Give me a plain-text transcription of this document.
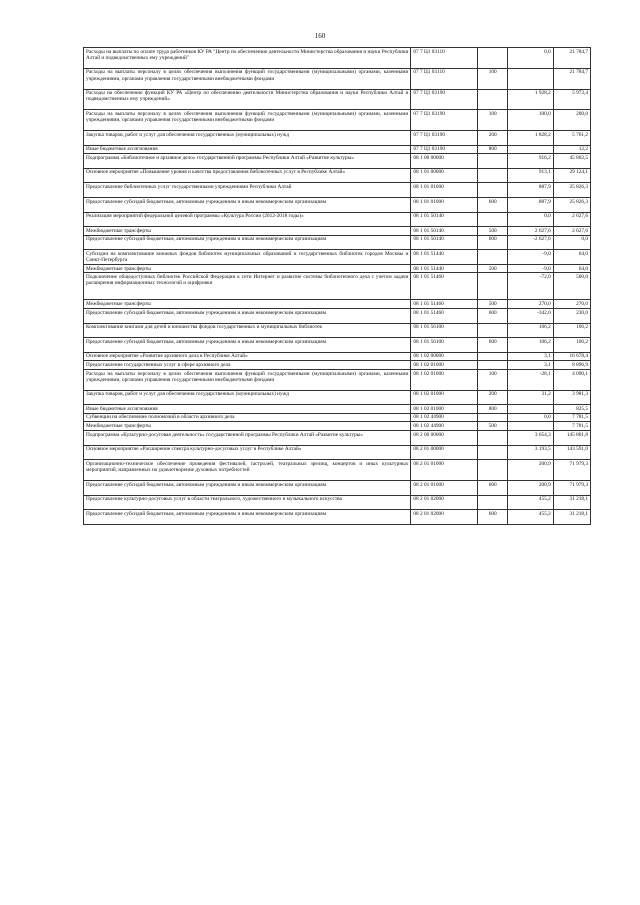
160
Расходы на выплаты по оплате труда работников КУ РА "Центр по обеспечению деятельности Министерства образования и науки Республики Алтай и подведомственных ему учреждений"	07 7 Ц1 03110		0,0	21 784,7
Расходы на выплаты персоналу в целях обеспечения выполнения функций государственными (муниципальными) органами, казенными учреждениями, органами управления государственными внебюджетными фондами	07 7 Ц1 03110	100		21 784,7
Расходы на обеспечение функций КУ РА «Центр по обеспечению деятельности Министерства образования и науки Республики Алтай и подведомственных ему учреждений»	07 7 Ц1 03190		1 928,2	5 973,4
Расходы на выплаты персоналу в целях обеспечения выполнения функций государственными (муниципальными) органами, казенными учреждениями, органами управления государственными внебюджетными фондами	07 7 Ц1 03190	100	100,0	200,0
Закупка товаров, работ и услуг для обеспечения государственных (муниципальных) нужд	07 7 Ц1 03190	200	1 828,2	5 761,2
Иные бюджетные ассигнования	07 7 Ц1 03190	800		12,2
Подпрограмма «Библиотечное и архивное дело» государственной программы Республики Алтай «Развитие культуры»	08 1 00 00000		916,2	45 802,5
Основное мероприятие «Повышение уровня и качества предоставления библиотечных услуг в Республике Алтай»	08 1 01 00000		913,1	29 124,1
Предоставление библиотечных услуг государственными учреждениями Республики Алтай	08 1 01 01000		887,9	25 826,3
Предоставление субсидий бюджетным, автономным учреждениям и иным некоммерческим организациям	08 1 01 01000	600	887,9	25 826,3
Реализация мероприятий федеральной целевой программы «Культура России (2012-2018 годы)»	08 1 01 50140		0,0	2 627,6
Межбюджетные трансферты	08 1 01 50140	500	2 627,6	2 627,6
Предоставление субсидий бюджетным, автономным учреждениям и иным некоммерческим организациям	08 1 01 50140	600	-2 627,6	0,0
Субсидии на комплектование книжных фондов библиотек муниципальных образований и государственных библиотек городов Москвы и Санкт-Петербурга	08 1 01 51440		-9,0	64,0
Межбюджетные трансферты	08 1 01 51440	500	-9,0	64,0
Подключение общедоступных библиотек Российской Федерации к сети Интернет и развитие системы библиотечного дела с учетом задачи расширения информационных технологий и оцифровки	08 1 01 51460		-72,0	500,0
Межбюджетные трансферты	08 1 01 51460	500	270,0	270,0
Предоставление субсидий бюджетным, автономным учреждениям и иным некоммерческим организациям	08 1 01 51460	600	-342,0	230,0
Комплектование книгами для детей и юношества фондов государственных и муниципальных библиотек	08 1 01 56100		106,2	106,2
Предоставление субсидий бюджетным, автономным учреждениям и иным некоммерческим организациям	08 1 01 56100	600	106,2	106,2
Основное мероприятие «Развитие архивного дела в Республике Алтай»	08 1 02 00000		3,1	16 678,4
Предоставление государственных услуг в сфере архивного дела	08 1 02 01000		3,1	8 896,9
Расходы на выплаты персоналу в целях обеспечения выполнения функций государственными (муниципальными) органами, казенными учреждениями, органами управления государственными внебюджетными фондами	08 1 02 01000	100	-28,1	4 090,1
Закупка товаров, работ и услуг для обеспечения государственных (муниципальных) нужд	08 1 02 01000	200	31,2	3 981,3
Иные бюджетные ассигнования	08 1 02 01000	800		825,5
Субвенции на обеспечение полномочий в области архивного дела	08 1 02 44900		0,0	7 781,5
Межбюджетные трансферты	08 1 02 44900	500		7 781,5
Подпрограмма «Культурно-досуговая деятельность» государственной программы Республики Алтай «Развитие культуры»	08 2 00 00000		3 654,3	145 801,8
Основное мероприятие «Расширение спектра культурно-досуговых услуг в Республике Алтай»	08 2 01 00000		3 193,5	143 591,0
Организационно-техническое обеспечение проведения фестивалей, гастролей, театральных зрелищ, концертов и иных культурных мероприятий, направленных на удовлетворение духовных потребностей	08 2 01 01000		200,9	71 979,3
Предоставление субсидий бюджетным, автономным учреждениям и иным некоммерческим организациям	08 2 01 01000	600	200,9	71 979,3
Предоставление культурно-досуговых услуг в области театрального, художественного и музыкального искусства	08 2 01 02000		455,2	31 218,1
Предоставление субсидий бюджетным, автономным учреждениям и иным некоммерческим организациям	08 2 01 02000	600	455,2	31 218,1
